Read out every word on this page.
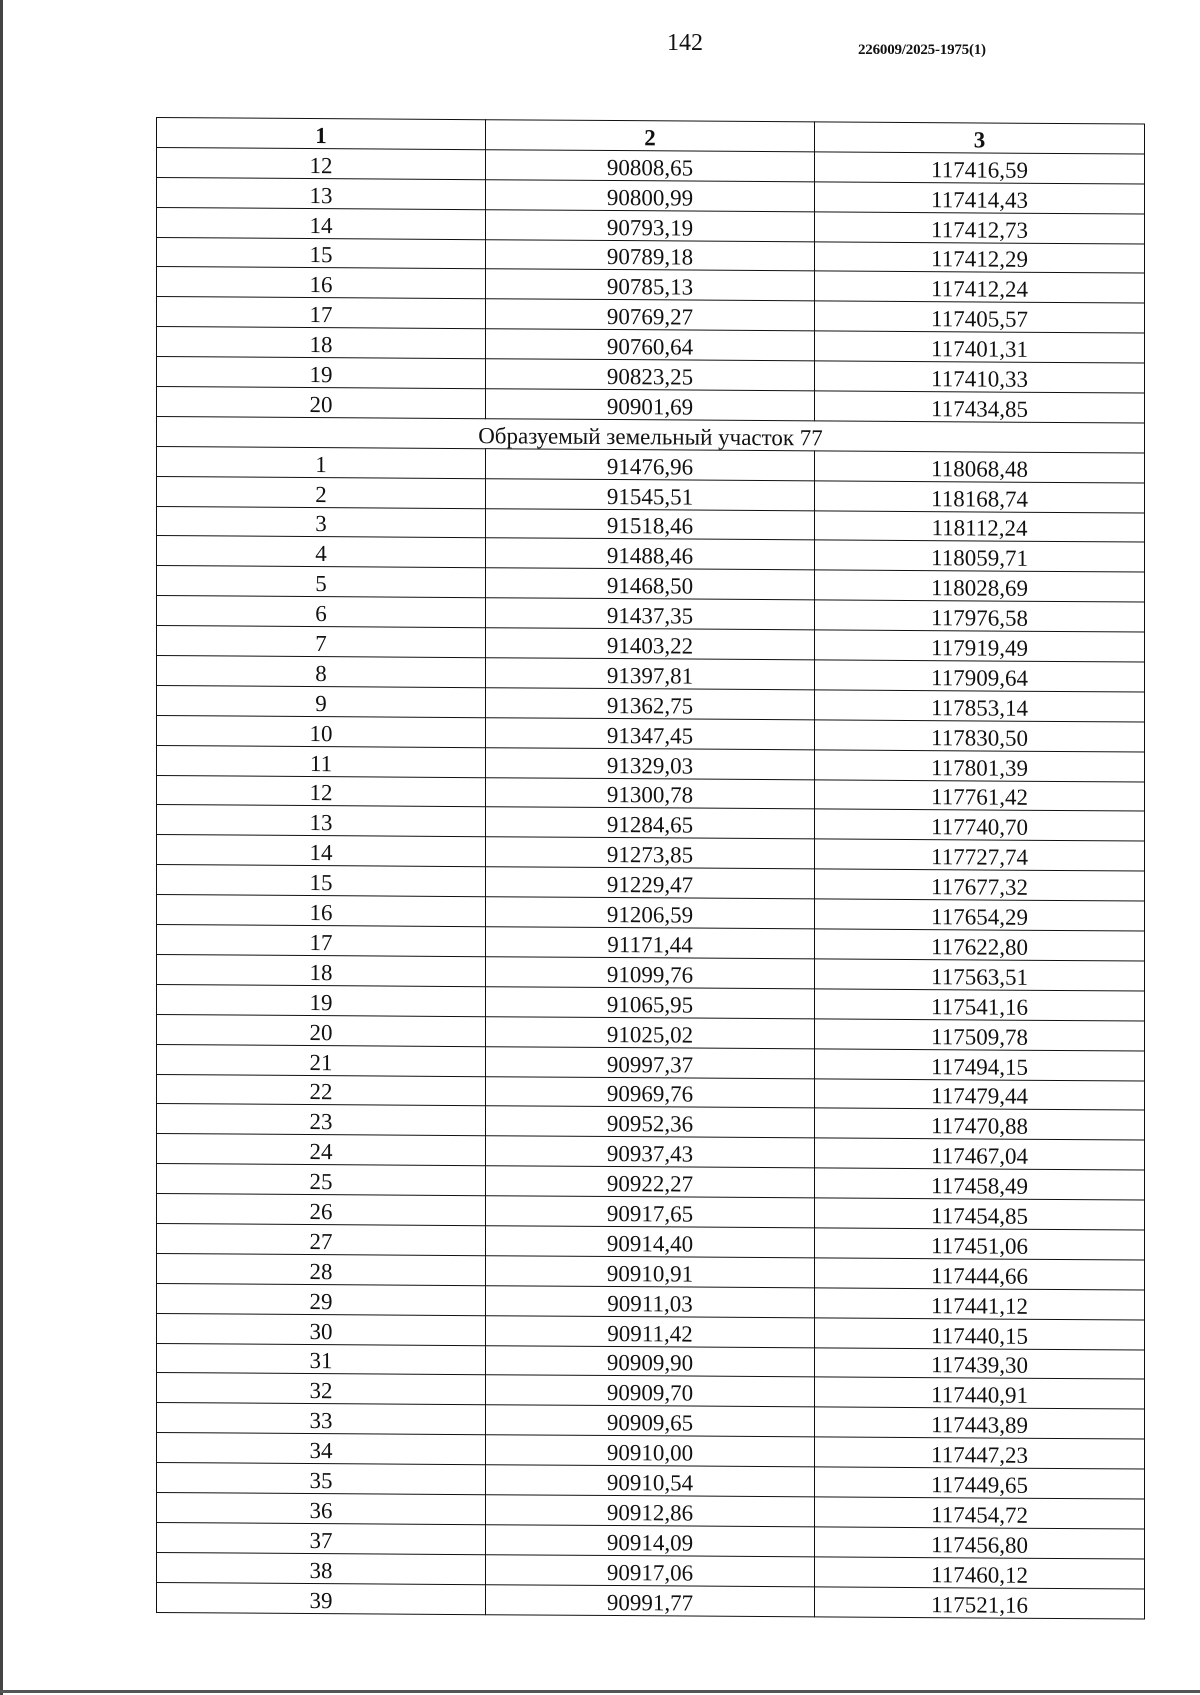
142	226009/2025-1975(1)
1	2	3
12	90808,65	117416,59
13	90800,99	117414,43
14	90793,19	117412,73
15	90789,18	117412,29
16	90785,13	117412,24
17	90769,27	117405,57
18	90760,64	117401,31
19	90823,25	117410,33
20	90901,69	117434,85
Образуемый земельный участок 77		
1	91476,96	118068,48
2	91545,51	118168,74
3	91518,46	118112,24
4	91488,46	118059,71
5	91468,50	118028,69
6	91437,35	117976,58
7	91403,22	117919,49
8	91397,81	117909,64
9	91362,75	117853,14
10	91347,45	117830,50
11	91329,03	117801,39
12	91300,78	117761,42
13	91284,65	117740,70
14	91273,85	117727,74
15	91229,47	117677,32
16	91206,59	117654,29
17	91171,44	117622,80
18	91099,76	117563,51
19	91065,95	117541,16
20	91025,02	117509,78
21	90997,37	117494,15
22	90969,76	117479,44
23	90952,36	117470,88
24	90937,43	117467,04
25	90922,27	117458,49
26	90917,65	117454,85
27	90914,40	117451,06
28	90910,91	117444,66
29	90911,03	117441,12
30	90911,42	117440,15
31	90909,90	117439,30
32	90909,70	117440,91
33	90909,65	117443,89
34	90910,00	117447,23
35	90910,54	117449,65
36	90912,86	117454,72
37	90914,09	117456,80
38	90917,06	117460,12
39	90991,77	117521,16
